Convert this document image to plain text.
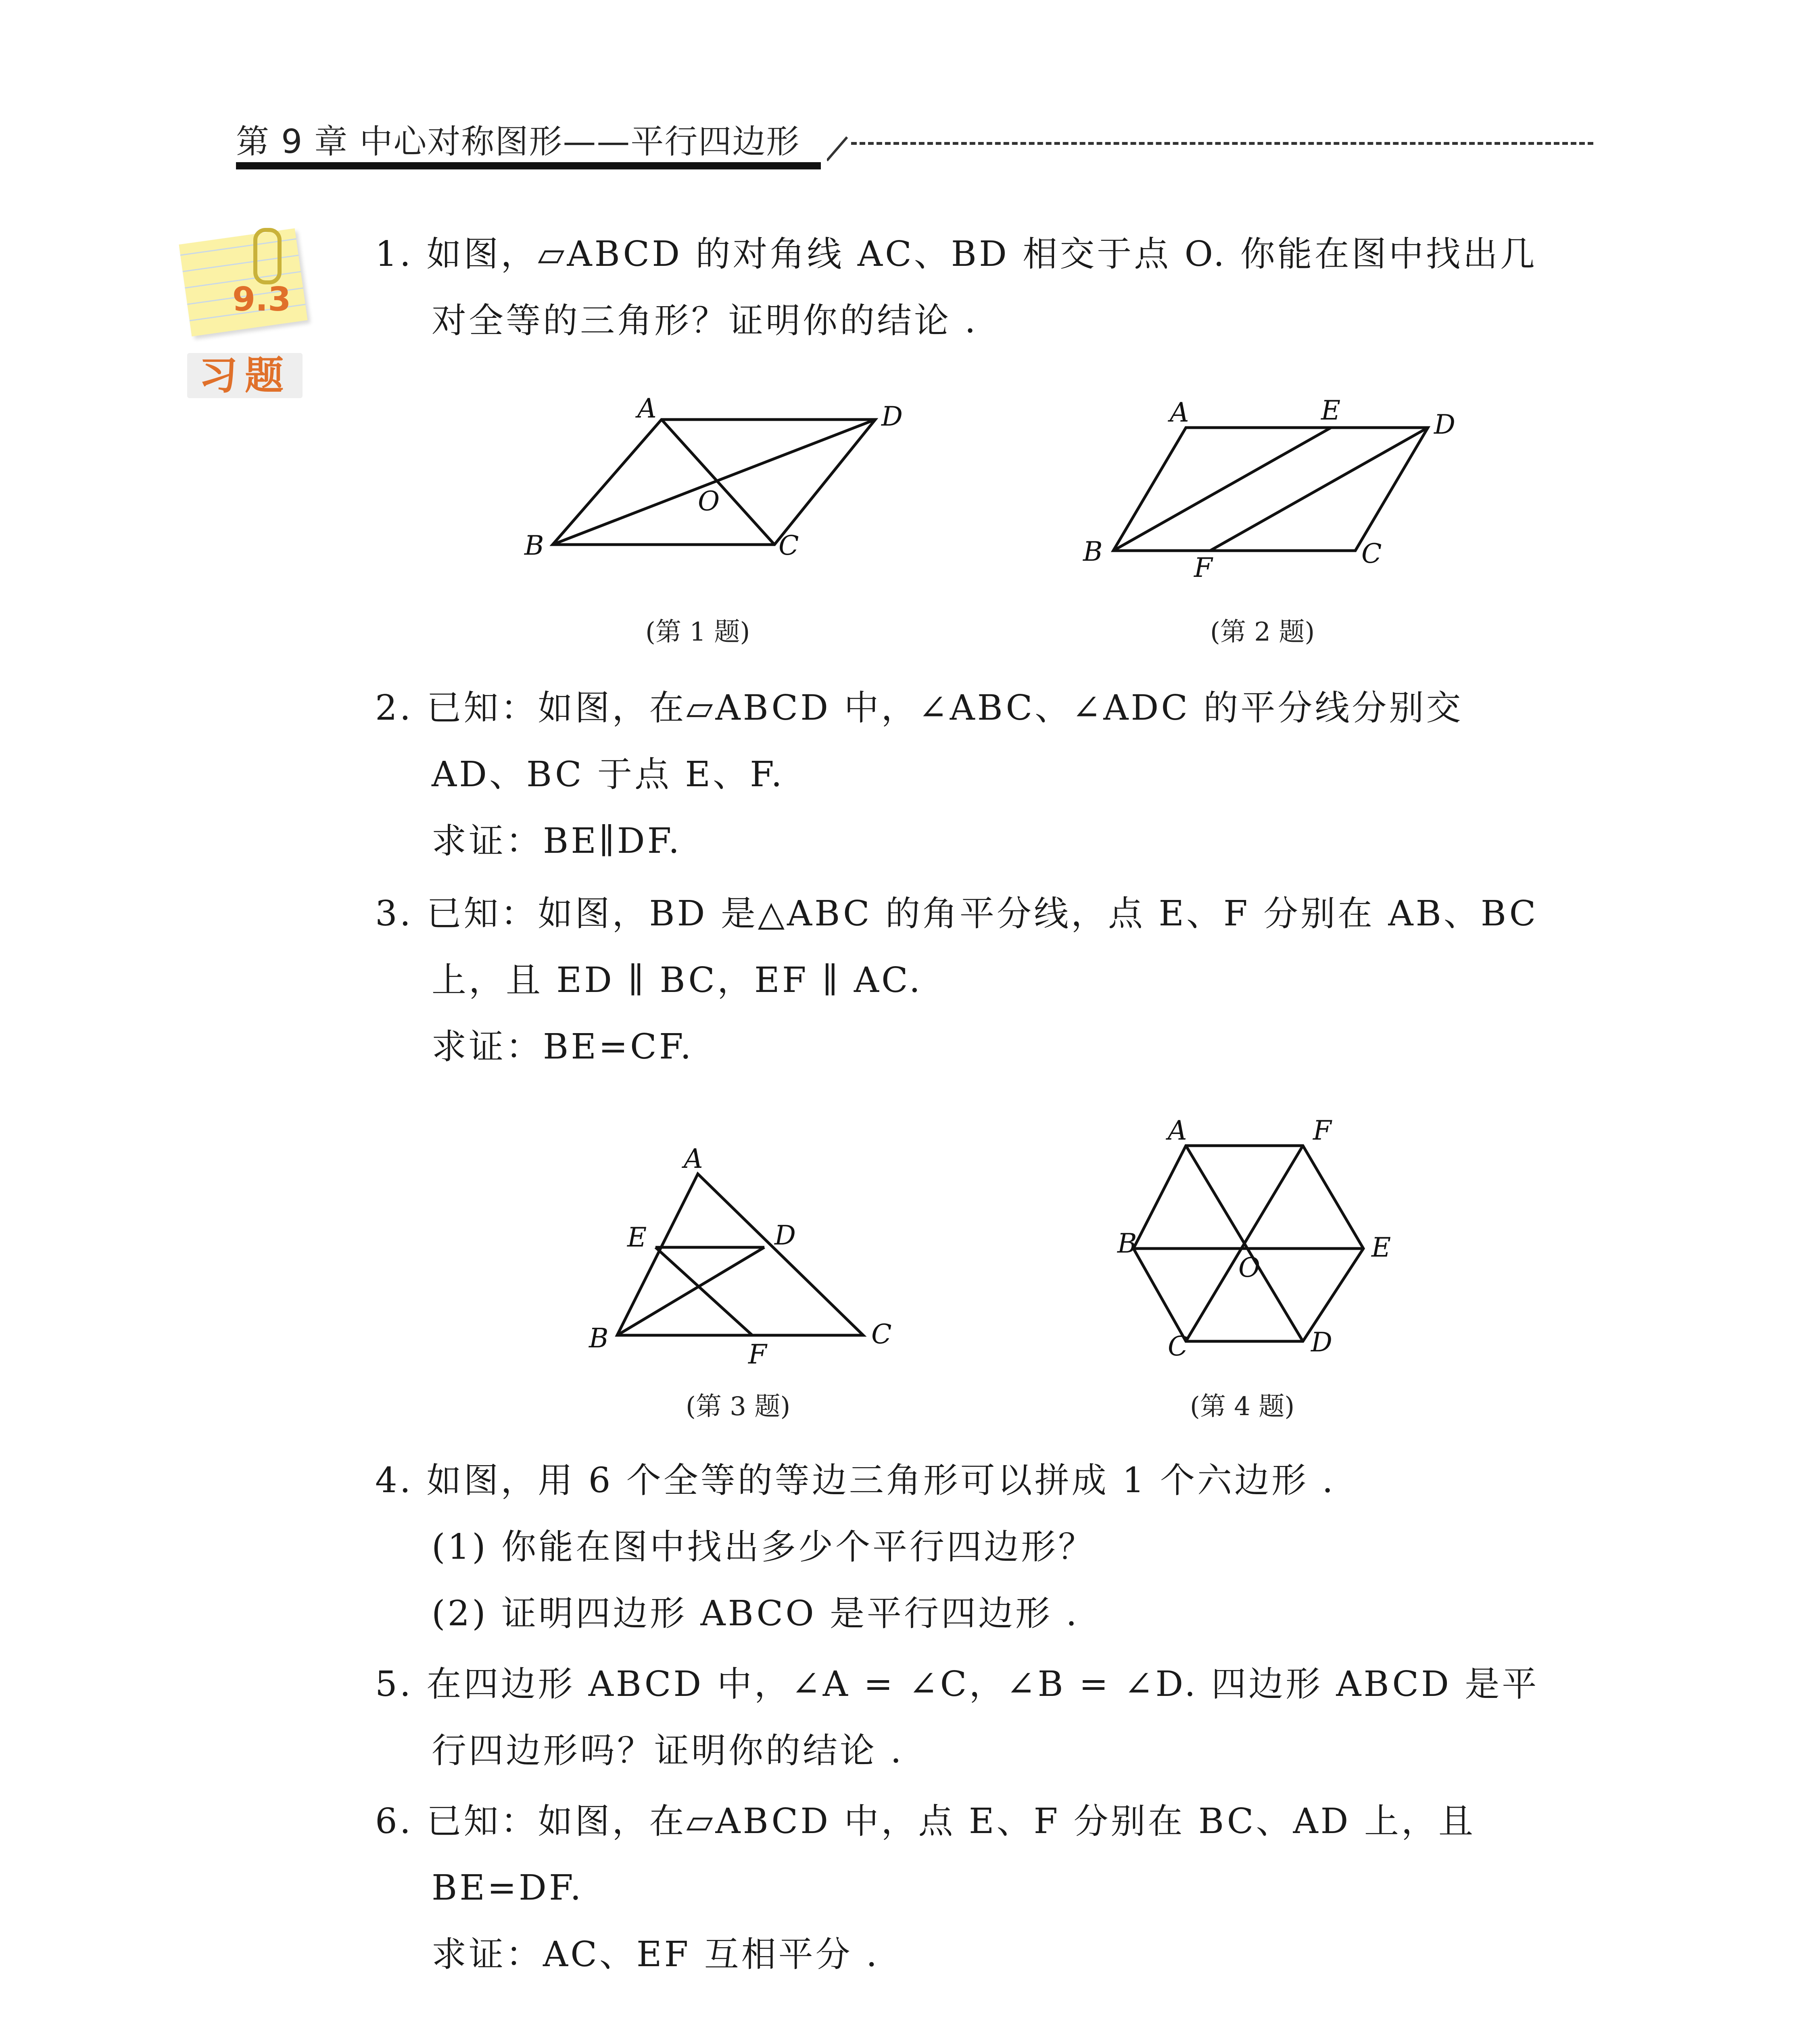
第 9 章 中心对称图形——平行四边形
9.3
习题
1. 如图，▱ABCD 的对角线 AC、BD 相交于点 O. 你能在图中找出几
对全等的三角形？证明你的结论 .
A	D
B	C
O
(第 1 题)
A	E	D
B
F	C
(第 2 题)
2. 已知：如图，在▱ABCD 中，∠ABC、∠ADC 的平分线分别交
AD、BC 于点 E、F.
求证：BE∥DF.
3. 已知：如图，BD 是△ABC 的角平分线，点 E、F 分别在 AB、BC
上，且 ED ∥ BC，EF ∥ AC.
求证：BE=CF.
A
E	D
B
F
C
(第 3 题)
A	F
B	E
O
C	D
(第 4 题)
4. 如图，用 6 个全等的等边三角形可以拼成 1 个六边形 .
(1) 你能在图中找出多少个平行四边形？
(2) 证明四边形 ABCO 是平行四边形 .
5. 在四边形 ABCD 中，∠A = ∠C，∠B = ∠D. 四边形 ABCD 是平
行四边形吗？证明你的结论 .
6. 已知：如图，在▱ABCD 中，点 E、F 分别在 BC、AD 上，且
BE=DF.
求证：AC、EF 互相平分 .
